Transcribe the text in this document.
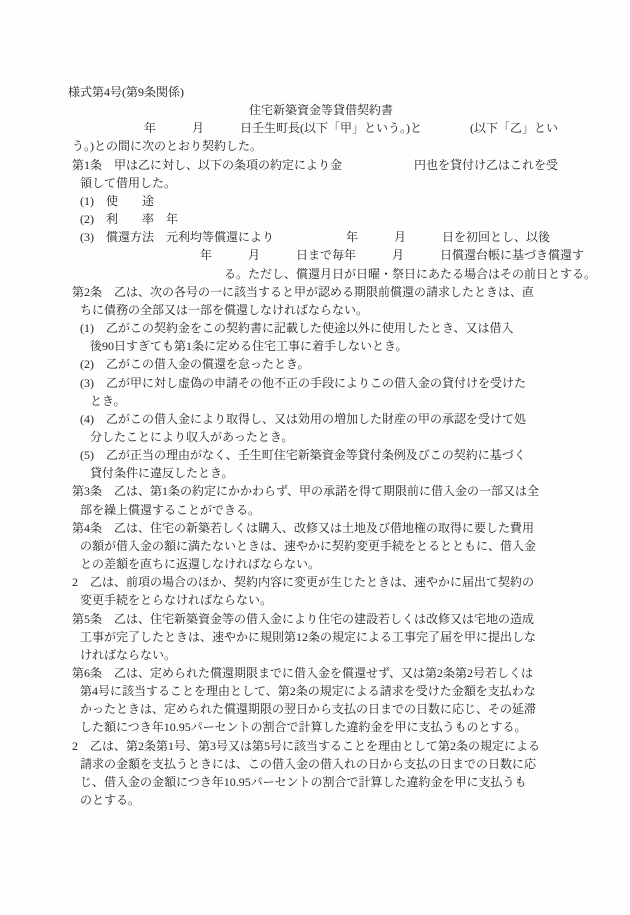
様式第4号(第9条関係)
住宅新築資金等貸借契約書
　　　　　　年　　　月　　　日壬生町長(以下「甲」という。)と　　　　(以下「乙」とい
う。)との間に次のとおり契約した。
第1条　甲は乙に対し、以下の条項の約定により金　　　　　　円也を貸付け乙はこれを受
領して借用した。
(1)　使　　途
(2)　利　　率　年
(3)　償還方法　元利均等償還により　　　　　　年　　　月　　　日を初回とし、以後
　　　　　　　　　　年　　　月　　　日まで毎年　　　月　　　日償還台帳に基づき償還す
　　　　　　　　　　　　る。ただし、償還月日が日曜・祭日にあたる場合はその前日とする。
第2条　乙は、次の各号の一に該当すると甲が認める期限前償還の請求したときは、直
ちに債務の全部又は一部を償還しなければならない。
(1)　乙がこの契約金をこの契約書に記載した使途以外に使用したとき、又は借入
後90日すぎても第1条に定める住宅工事に着手しないとき。
(2)　乙がこの借入金の償還を怠ったとき。
(3)　乙が甲に対し虚偽の申請その他不正の手段によりこの借入金の貸付けを受けた
とき。
(4)　乙がこの借入金により取得し、又は効用の増加した財産の甲の承認を受けて処
分したことにより収入があったとき。
(5)　乙が正当の理由がなく、壬生町住宅新築資金等貸付条例及びこの契約に基づく
貸付条件に違反したとき。
第3条　乙は、第1条の約定にかかわらず、甲の承諾を得て期限前に借入金の一部又は全
部を繰上償還することができる。
第4条　乙は、住宅の新築若しくは購入、改修又は土地及び借地権の取得に要した費用
の額が借入金の額に満たないときは、速やかに契約変更手続をとるとともに、借入金
との差額を直ちに返還しなければならない。
2　乙は、前項の場合のほか、契約内容に変更が生じたときは、速やかに届出て契約の
変更手続をとらなければならない。
第5条　乙は、住宅新築資金等の借入金により住宅の建設若しくは改修又は宅地の造成
工事が完了したときは、速やかに規則第12条の規定による工事完了届を甲に提出しな
ければならない。
第6条　乙は、定められた償還期限までに借入金を償還せず、又は第2条第2号若しくは
第4号に該当することを理由として、第2条の規定による請求を受けた金額を支払わな
かったときは、定められた償還期限の翌日から支払の日までの日数に応じ、その延滞
した額につき年10.95パーセントの割合で計算した違約金を甲に支払うものとする。
2　乙は、第2条第1号、第3号又は第5号に該当することを理由として第2条の規定による
請求の金額を支払うときには、この借入金の借入れの日から支払の日までの日数に応
じ、借入金の金額につき年10.95パーセントの割合で計算した違約金を甲に支払うも
のとする。
